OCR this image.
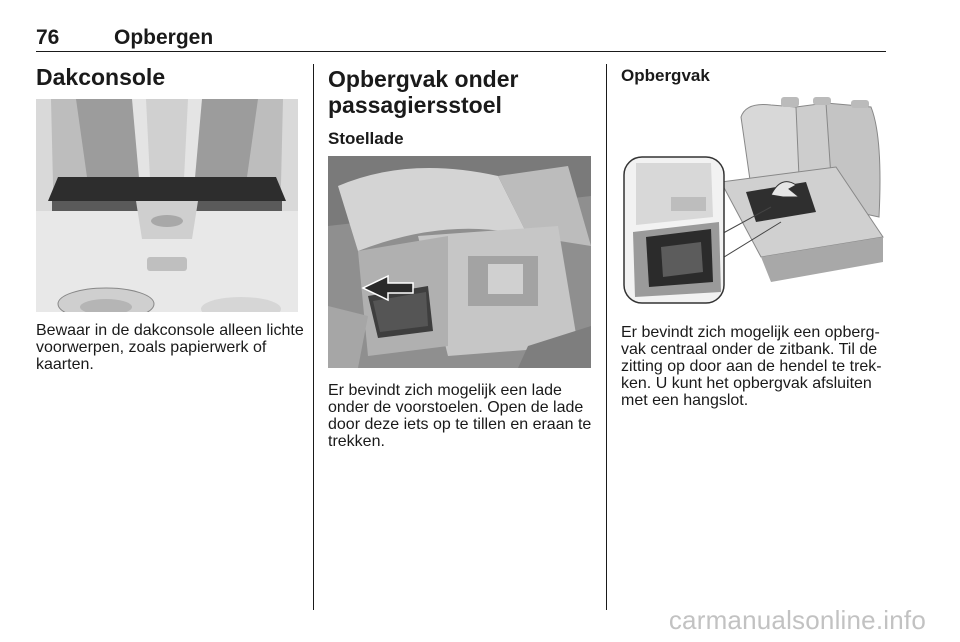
76	Opbergen
Dakconsole
Bewaar in de dakconsole alleen lichte
voorwerpen, zoals papierwerk of
kaarten.
Opbergvak onder
passagiersstoel
Stoellade
Er bevindt zich mogelijk een lade
onder de voorstoelen. Open de lade
door deze iets op te tillen en eraan te
trekken.
Opbergvak
Er bevindt zich mogelijk een opberg-
vak centraal onder de zitbank. Til de
zitting op door aan de hendel te trek-
ken. U kunt het opbergvak afsluiten
met een hangslot.
carmanualsonline.info
